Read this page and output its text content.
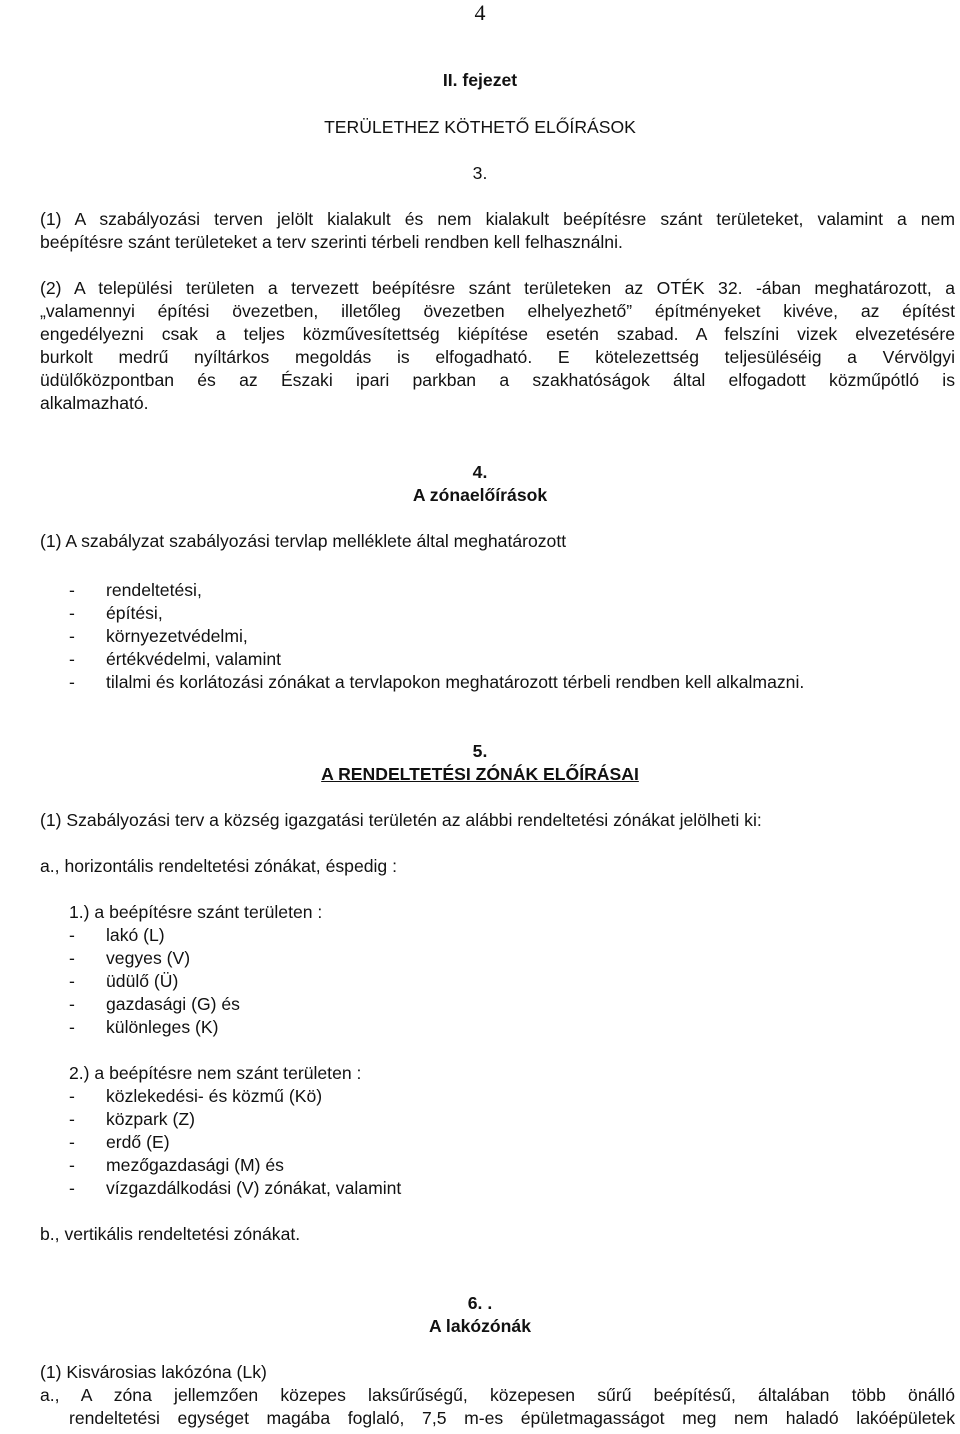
4
II. fejezet
TERÜLETHEZ KÖTHETŐ ELŐÍRÁSOK
3.
(1) A szabályozási terven jelölt kialakult és nem kialakult beépítésre szánt területeket, valamint a nem
beépítésre szánt területeket a terv szerinti térbeli rendben kell felhasználni.
(2) A települési területen a tervezett beépítésre szánt területeken az OTÉK 32. -ában meghatározott, a
„valamennyi építési övezetben, illetőleg övezetben elhelyezhető” építményeket kivéve, az építést
engedélyezni csak a teljes közművesítettség kiépítése esetén szabad. A felszíni vizek elvezetésére
burkolt medrű nyíltárkos megoldás is elfogadható. E kötelezettség teljesüléséig a Vérvölgyi
üdülőközpontban és az Északi ipari parkban a szakhatóságok által elfogadott közműpótló is
alkalmazható.
4.
A zónaelőírások
(1) A szabályzat szabályozási tervlap melléklete által meghatározott
- rendeltetési,
- építési,
- környezetvédelmi,
- értékvédelmi, valamint
- tilalmi és korlátozási zónákat a tervlapokon meghatározott térbeli rendben kell alkalmazni.
5.
A RENDELTETÉSI ZÓNÁK ELŐÍRÁSAI
(1) Szabályozási terv a község igazgatási területén az alábbi rendeltetési zónákat jelölheti ki:
a., horizontális rendeltetési zónákat, éspedig :
1.) a beépítésre szánt területen :
- lakó (L)
- vegyes (V)
- üdülő (Ü)
- gazdasági (G) és
- különleges (K)
2.) a beépítésre nem szánt területen :
- közlekedési- és közmű (Kö)
- közpark (Z)
- erdő (E)
- mezőgazdasági (M) és
- vízgazdálkodási (V) zónákat, valamint
b., vertikális rendeltetési zónákat.
6. .
A lakózónák
(1) Kisvárosias lakózóna (Lk)
a., A zóna jellemzően közepes laksűrűségű, közepesen sűrű beépítésű, általában több önálló
rendeltetési egységet magába foglaló, 7,5 m-es épületmagasságot meg nem haladó lakóépületek
